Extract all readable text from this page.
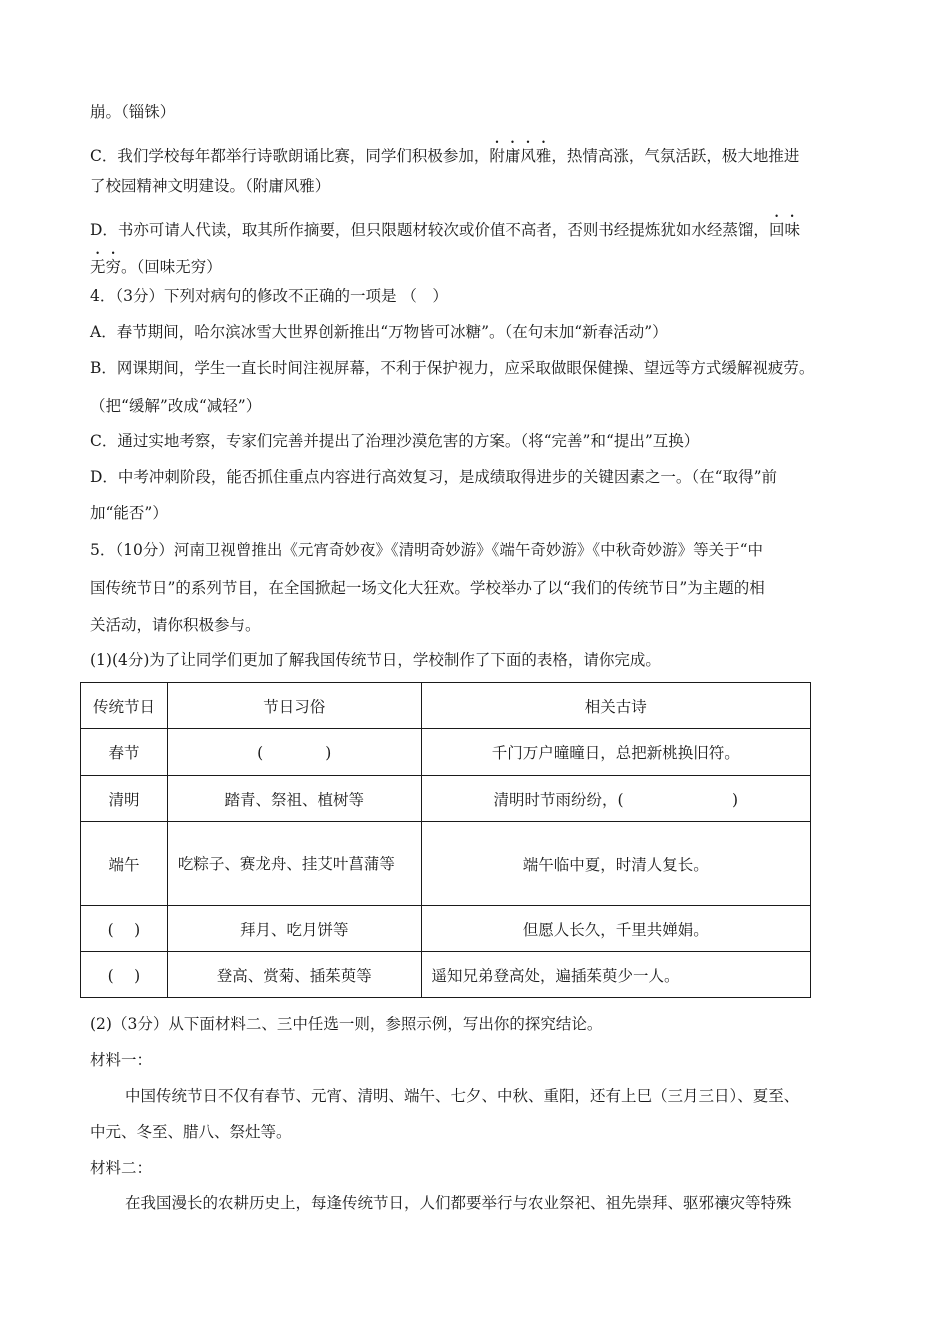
崩。（锱铢）
C．我们学校每年都举行诗歌朗诵比赛，同学们积极参加，附庸风雅，热情高涨，气氛活跃，极大地推进
了校园精神文明建设。（附庸风雅）
D．书亦可请人代读，取其所作摘要，但只限题材较次或价值不高者，否则书经提炼犹如水经蒸馏，回味
无穷。（回味无穷）
4．（3分）下列对病句的修改不正确的一项是 （　）
A．春节期间，哈尔滨冰雪大世界创新推出“万物皆可冰糖”。（在句末加“新春活动”）
B．网课期间，学生一直长时间注视屏幕，不利于保护视力，应采取做眼保健操、望远等方式缓解视疲劳。
（把“缓解”改成“减轻”）
C．通过实地考察，专家们完善并提出了治理沙漠危害的方案。（将“完善”和“提出”互换）
D．中考冲刺阶段，能否抓住重点内容进行高效复习，是成绩取得进步的关键因素之一。（在“取得”前
加“能否”）
5．（10分）河南卫视曾推出《元宵奇妙夜》《清明奇妙游》《端午奇妙游》《中秋奇妙游》等关于“中
国传统节日”的系列节目，在全国掀起一场文化大狂欢。学校举办了以“我们的传统节日”为主题的相
关活动，请你积极参与。
(1)(4分)为了让同学们更加了解我国传统节日，学校制作了下面的表格，请你完成。
传统节日	节日习俗	相关古诗
春节	(　　　　)	千门万户曈曈日，总把新桃换旧符。
清明	踏青、祭祖、植树等	清明时节雨纷纷，(　　　　　　　)
端午	吃粽子、赛龙舟、挂艾叶菖蒲等	端午临中夏，时清人复长。
(　 )	拜月、吃月饼等	但愿人长久，千里共婵娟。
(　 )	登高、赏菊、插茱萸等	遥知兄弟登高处，遍插茱萸少一人。
(2)（3分）从下面材料二、三中任选一则，参照示例，写出你的探究结论。
材料一：
中国传统节日不仅有春节、元宵、清明、端午、七夕、中秋、重阳，还有上巳（三月三日）、夏至、
中元、冬至、腊八、祭灶等。
材料二：
在我国漫长的农耕历史上，每逢传统节日，人们都要举行与农业祭祀、祖先崇拜、驱邪禳灾等特殊
